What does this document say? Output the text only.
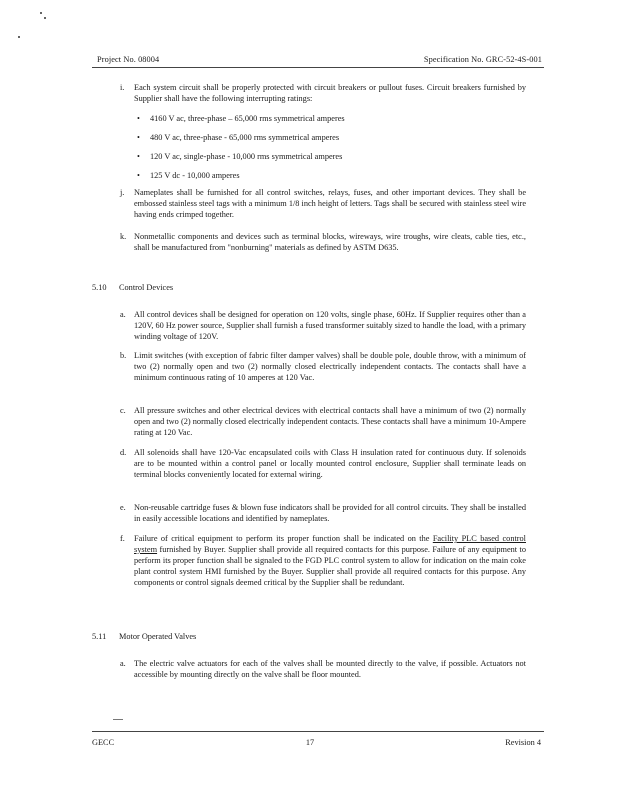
Project No. 08004	Specification No. GRC-52-4S-001
i.	Each system circuit shall be properly protected with circuit breakers or pullout fuses. Circuit breakers furnished by Supplier shall have the following interrupting ratings:
• 4160 V ac, three-phase – 65,000 rms symmetrical amperes
• 480 V ac, three-phase - 65,000 rms symmetrical amperes
• 120 V ac, single-phase - 10,000 rms symmetrical amperes
• 125 V dc - 10,000 amperes
j.	Nameplates shall be furnished for all control switches, relays, fuses, and other important devices. They shall be embossed stainless steel tags with a minimum 1/8 inch height of letters. Tags shall be secured with stainless steel wire having ends crimped together.
k. Nonmetallic components and devices such as terminal blocks, wireways, wire troughs, wire cleats, cable ties, etc., shall be manufactured from "nonburning" materials as defined by ASTM D635.
5.10 Control Devices
a. All control devices shall be designed for operation on 120 volts, single phase, 60Hz. If Supplier requires other than a 120V, 60 Hz power source, Supplier shall furnish a fused transformer suitably sized to handle the load, with a primary winding voltage of 120V.
b. Limit switches (with exception of fabric filter damper valves) shall be double pole, double throw, with a minimum of two (2) normally open and two (2) normally closed electrically independent contacts. The contacts shall have a minimum continuous rating of 10 amperes at 120 Vac.
c. All pressure switches and other electrical devices with electrical contacts shall have a minimum of two (2) normally open and two (2) normally closed electrically independent contacts. These contacts shall have a minimum 10-Ampere rating at 120 Vac.
d. All solenoids shall have 120-Vac encapsulated coils with Class H insulation rated for continuous duty. If solenoids are to be mounted within a control panel or locally mounted control enclosure, Supplier shall terminate leads on terminal blocks conveniently located for external wiring.
e. Non-reusable cartridge fuses & blown fuse indicators shall be provided for all control circuits. They shall be installed in easily accessible locations and identified by nameplates.
f.	Failure of critical equipment to perform its proper function shall be indicated on the Facility PLC based control system furnished by Buyer. Supplier shall provide all required contacts for this purpose. Failure of any equipment to perform its proper function shall be signaled to the FGD PLC control system to allow for indication on the main coke plant control system HMI furnished by the Buyer. Supplier shall provide all required contacts for this purpose. Any components or control signals deemed critical by the Supplier shall be redundant.
5.11 Motor Operated Valves
a. The electric valve actuators for each of the valves shall be mounted directly to the valve, if possible. Actuators not accessible by mounting directly on the valve shall be floor mounted.
GECC	17	Revision 4
